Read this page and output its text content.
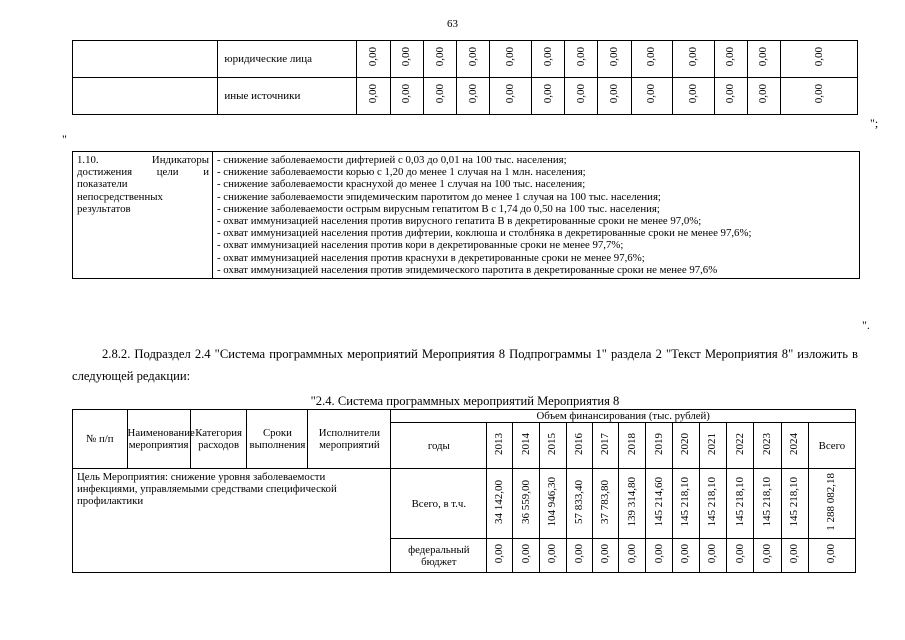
63
	юридические лица	0,00	0,00	0,00	0,00	0,00	0,00	0,00	0,00	0,00	0,00	0,00	0,00	0,00
	иные источники	0,00	0,00	0,00	0,00	0,00	0,00	0,00	0,00	0,00	0,00	0,00	0,00	0,00
";
"
1.10. Индикаторы достижения цели и показатели непосредственных результатов	
- снижение заболеваемости дифтерией с 0,03 до 0,01 на 100 тыс. населения;
- снижение заболеваемости корью с 1,20 до менее 1 случая на 1 млн. населения;
- снижение заболеваемости краснухой до менее 1 случая на 100 тыс. населения;
- снижение заболеваемости эпидемическим паротитом до менее 1 случая на 100 тыс. населения;
- снижение заболеваемости острым вирусным гепатитом В с 1,74 до 0,50 на 100 тыс. населения;
- охват иммунизацией населения против вирусного гепатита В в декретированные сроки не менее 97,0%;
- охват иммунизацией населения против дифтерии, коклюша и столбняка в декретированные сроки не менее 97,6%;
- охват иммунизацией населения против кори в декретированные сроки не менее 97,7%;
- охват иммунизацией населения против краснухи в декретированные сроки не менее 97,6%;
- охват иммунизацией населения против эпидемического паротита в декретированные сроки не менее 97,6%
".
2.8.2. Подраздел 2.4 "Система программных мероприятий Мероприятия 8 Подпрограммы 1" раздела 2 "Текст Мероприятия 8" изложить в следующей редакции:
"2.4. Система программных мероприятий Мероприятия 8
№ п/п	Наименование мероприятия	Категория расходов	Сроки выполнения	Исполнители мероприятий	Объем финансирования (тыс. рублей)													
					годы	2013	2014	2015	2016	2017	2018	2019	2020	2021	2022	2023	2024	Всего
Цель Мероприятия: снижение уровня заболеваемости инфекциями, управляемыми средствами специфической профилактики					Всего, в т.ч.	34 142,00	36 559,00	104 946,30	57 833,40	37 783,80	139 314,80	145 214,60	145 218,10	145 218,10	145 218,10	145 218,10	145 218,10	1 288 082,18
					федеральный бюджет	0,00	0,00	0,00	0,00	0,00	0,00	0,00	0,00	0,00	0,00	0,00	0,00	0,00
